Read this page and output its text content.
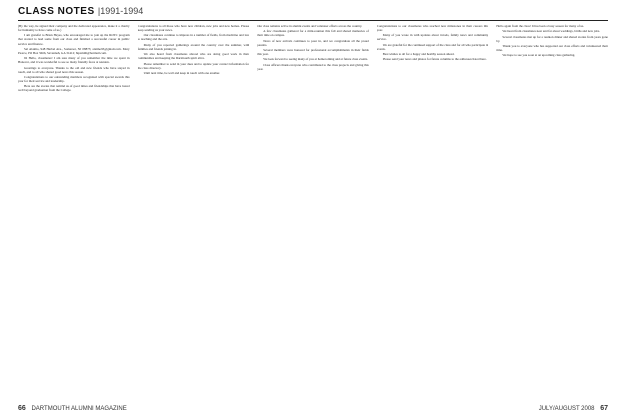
CLASS NOTES |1991-1994

(By the way, he signed their company and the dedicated appearance, make it a charity for humanity to have come of us.)

I am grateful to Brian Hayes, who encouraged me to join up the ROTC program that started to lead some from our class and finished a successful career in public service and finance.

Sal Alaimo, 948 Harbel Ave., Somerset, NJ 08873; alaimo93@gmail.com. Mary Pearce, PO Box 5666, Savannah, GA 31412; hipsmith@hotmail.com.

92 Hello, classmates! I am sure many of you remember the time we spent in Hanover, and it was wonderful to see so many friendly faces at reunion.

Greetings to everyone. Thanks to the old and new friends who have stayed in touch, and to all who shared good news this season.

Congratulations to our outstanding members recognized with special awards this year for their service and leadership.

Here are the stories that remind us of good times and friendships that have lasted well beyond graduation from the College.

Congratulations to all those who have new children, new jobs and new homes. Please keep sending us your news.

Our classmates continue to impress in a number of fields, from medicine and law to teaching and the arts.

Many of you reported gatherings around the country over the summer, with families and friends joining in.

We also heard from classmates abroad who are doing good work in their communities and keeping the Dartmouth spirit alive.

Please remember to send in your dues and to update your contact information for the class directory.

Until next time, be well and keep in touch with one another.

Our class remains active in alumni events and volunteer efforts across the country.

A few classmates gathered for a mini-reunion this fall and shared memories of their time on campus.

News of new arrivals continues to pour in, and we congratulate all the proud parents.

Several members were honored for professional accomplishments in their fields this year.

We look forward to seeing many of you at homecoming and at future class events.

Class officers thank everyone who contributed to the class projects and giving this year.

Congratulations to our classmates who reached new milestones in their careers this year.

Many of you wrote in with updates about travels, family news and community service.

We are grateful for the continued support of the class and for all who participate in events.

Best wishes to all for a happy and healthy season ahead.

Please send your news and photos for future columns to the addresses listed here.

Hello again from the class! It has been a busy season for many of us.

We heard from classmates near and far about weddings, births and new jobs.

Several classmates met up for a reunion dinner and shared stories from years gone by.

Thank you to everyone who has supported our class efforts and volunteered their time.

We hope to see you soon at an upcoming class gathering.

66 DARTMOUTH ALUMNI MAGAZINE	JULY/AUGUST 2008 67
